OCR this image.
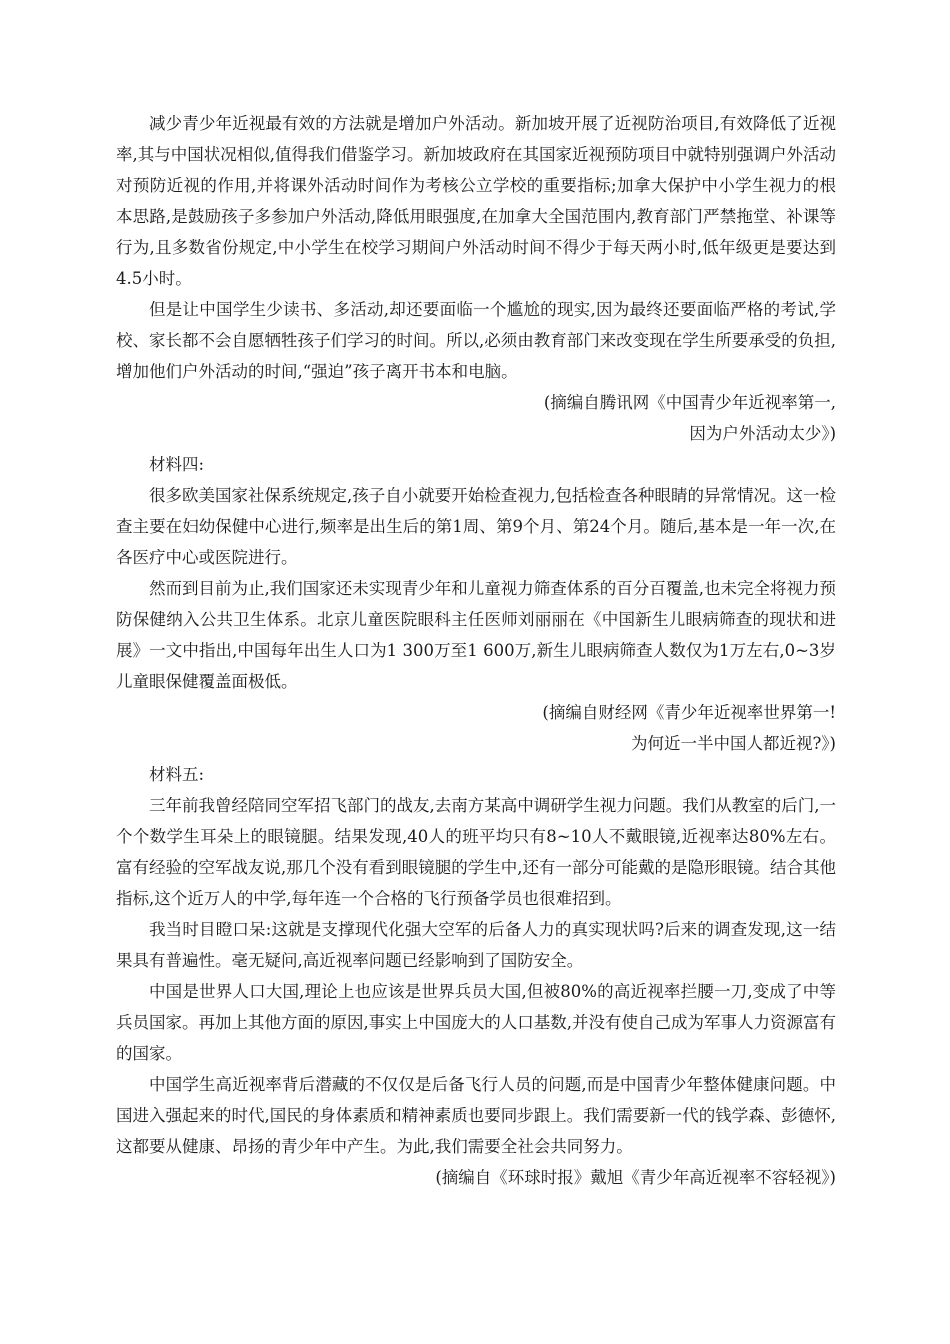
减少青少年近视最有效的方法就是增加户外活动。新加坡开展了近视防治项目,有效降低了近视率,其与中国状况相似,值得我们借鉴学习。新加坡政府在其国家近视预防项目中就特别强调户外活动对预防近视的作用,并将课外活动时间作为考核公立学校的重要指标;加拿大保护中小学生视力的根本思路,是鼓励孩子多参加户外活动,降低用眼强度,在加拿大全国范围内,教育部门严禁拖堂、补课等行为,且多数省份规定,中小学生在校学习期间户外活动时间不得少于每天两小时,低年级更是要达到4.5小时。

但是让中国学生少读书、多活动,却还要面临一个尴尬的现实,因为最终还要面临严格的考试,学校、家长都不会自愿牺牲孩子们学习的时间。所以,必须由教育部门来改变现在学生所要承受的负担,增加他们户外活动的时间,“强迫”孩子离开书本和电脑。

(摘编自腾讯网《中国青少年近视率第一,

因为户外活动太少》)

材料四:

很多欧美国家社保系统规定,孩子自小就要开始检查视力,包括检查各种眼睛的异常情况。这一检查主要在妇幼保健中心进行,频率是出生后的第1周、第9个月、第24个月。随后,基本是一年一次,在各医疗中心或医院进行。

然而到目前为止,我们国家还未实现青少年和儿童视力筛查体系的百分百覆盖,也未完全将视力预防保健纳入公共卫生体系。北京儿童医院眼科主任医师刘丽丽在《中国新生儿眼病筛查的现状和进展》一文中指出,中国每年出生人口为1 300万至1 600万,新生儿眼病筛查人数仅为1万左右,0~3岁儿童眼保健覆盖面极低。

(摘编自财经网《青少年近视率世界第一!

为何近一半中国人都近视?》)

材料五:

三年前我曾经陪同空军招飞部门的战友,去南方某高中调研学生视力问题。我们从教室的后门,一个个数学生耳朵上的眼镜腿。结果发现,40人的班平均只有8~10人不戴眼镜,近视率达80%左右。富有经验的空军战友说,那几个没有看到眼镜腿的学生中,还有一部分可能戴的是隐形眼镜。结合其他指标,这个近万人的中学,每年连一个合格的飞行预备学员也很难招到。

我当时目瞪口呆:这就是支撑现代化强大空军的后备人力的真实现状吗?后来的调查发现,这一结果具有普遍性。毫无疑问,高近视率问题已经影响到了国防安全。

中国是世界人口大国,理论上也应该是世界兵员大国,但被80%的高近视率拦腰一刀,变成了中等兵员国家。再加上其他方面的原因,事实上中国庞大的人口基数,并没有使自己成为军事人力资源富有的国家。

中国学生高近视率背后潜藏的不仅仅是后备飞行人员的问题,而是中国青少年整体健康问题。中国进入强起来的时代,国民的身体素质和精神素质也要同步跟上。我们需要新一代的钱学森、彭德怀,这都要从健康、昂扬的青少年中产生。为此,我们需要全社会共同努力。

(摘编自《环球时报》戴旭《青少年高近视率不容轻视》)
